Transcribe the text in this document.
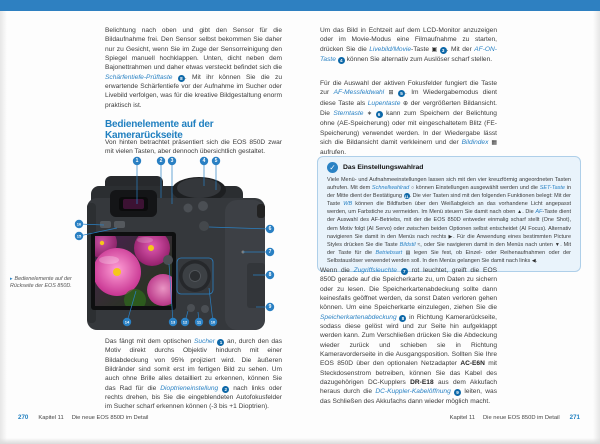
Belichtung nach oben und gibt den Sensor für die Bildaufnahme frei. Den Sensor selbst bekommen Sie daher nur zu Gesicht, wenn Sie im Zuge der Sensorreinigung den Spiegel manuell hochklappen. Unten, dicht neben dem Bajonettrahmen und daher etwas versteckt befindet sich die Schärfentiefe-Prüftaste 8 . Mit ihr können Sie die zu erwartende Schärfentiefe vor der Aufnahme im Sucher oder Livebild verfolgen, was für die kreative Bildgestaltung enorm praktisch ist.
Bedienelemente auf der Kamerarückseite
Von hinten betrachtet präsentiert sich die EOS 850D zwar mit vielen Tasten, aber dennoch übersichtlich gestaltet.
1	2 3	4 5
6
7
8
9
10
11
12
13
14
15
16
▸ Bedienelemente auf der Rückseite der EOS 850D.
Das fängt mit dem optischen Sucher 1 an, durch den das Motiv direkt durchs Objektiv hindurch mit einer Bildabdeckung von 95% projiziert wird. Die äußeren Bildränder sind somit erst im fertigen Bild zu sehen. Um auch ohne Brille alles detailliert zu erkennen, können Sie das Rad für die Dioptrieneinstellung 2 nach links oder rechts drehen, bis Sie die eingeblendeten Autofokusfelder im Sucher scharf erkennen können (-3 bis +1 Dioptrien).
270 Kapitel 11 Die neue EOS 850D im Detail
Um das Bild in Echtzeit auf dem LCD-Monitor anzuzeigen oder im Movie-Modus eine Filmaufnahme zu starten, drücken Sie die Livebild/Movie-Taste ▣ 3 . Mit der AF-ON-Taste 4 können Sie alternativ zum Auslöser scharf stellen.
Für die Auswahl der aktiven Fokusfelder fungiert die Taste zur AF-Messfeldwahl ⊞ 5 . Im Wiedergabemodus dient diese Taste als Lupentaste ⊕ der vergrößerten Bildansicht. Die Sterntaste ∗ 6 kann zum Speichern der Belichtung ohne (AE-Speicherung) oder mit eingeschaltetem Blitz (FE-Speicherung) verwendet werden. In der Wiedergabe lässt sich die Bildansicht damit verkleinern und der Bildindex ▦ aufrufen.
✓	Das Einstellungswahlrad
Viele Menü- und Aufnahmeeinstellungen lassen sich mit den vier kreuzförmig angeordneten Tasten aufrufen. Mit dem Schnellwahlrad ○ können Einstellungen ausgewählt werden und die SET-Taste in der Mitte dient der Bestätigung 11. Die vier Tasten sind mit den folgenden Funktionen belegt: Mit der Taste WB können die Bildfarben über den Weißabgleich an das vorhandene Licht angepasst werden, um Farbstiche zu vermeiden. Im Menü steuern Sie damit nach oben ▲. Die AF-Taste dient der Auswahl des AF-Betriebs, mit der die EOS 850D entweder einmalig scharf stellt (One Shot), dem Motiv folgt (AI Servo) oder zwischen beiden Optionen selbst entscheidet (AI Focus). Alternativ navigieren Sie damit in den Menüs nach rechts ▶. Für die Anwendung eines bestimmten Picture Styles drücken Sie die Taste Bildstil ≈, oder Sie navigieren damit in den Menüs nach unten ▼. Mit der Taste für die Betriebsart ▤ legen Sie fest, ob Einzel- oder Reihenaufnahmen oder der Selbstauslöser verwendet werden soll. In den Menüs gelangen Sie damit nach links ◀.
Wenn die Zugriffsleuchte 7 rot leuchtet, greift die EOS 850D gerade auf die Speicherkarte zu, um Daten zu sichern oder zu lesen. Die Speicherkartenabdeckung sollte dann keinesfalls geöffnet werden, da sonst Daten verloren gehen können. Um eine Speicherkarte einzulegen, ziehen Sie die Speicherkartenabdeckung 8 in Richtung Kamerarückseite, sodass diese gelöst wird und zur Seite hin aufgeklappt werden kann. Zum Verschließen drücken Sie die Abdeckung wieder zurück und schieben sie in Richtung Kameravorderseite in die Ausgangsposition. Sollten Sie Ihre EOS 850D über den optionalen Netzadapter AC-E6N mit Steckdosenstrom betreiben, können Sie das Kabel des dazugehörigen DC-Kupplers DR-E18 aus dem Akkufach heraus durch die DC-Kuppler-Kabelöffnung 9 leiten, was das Schließen des Akkufachs dann wieder möglich macht.
Kapitel 11 Die neue EOS 850D im Detail 271
